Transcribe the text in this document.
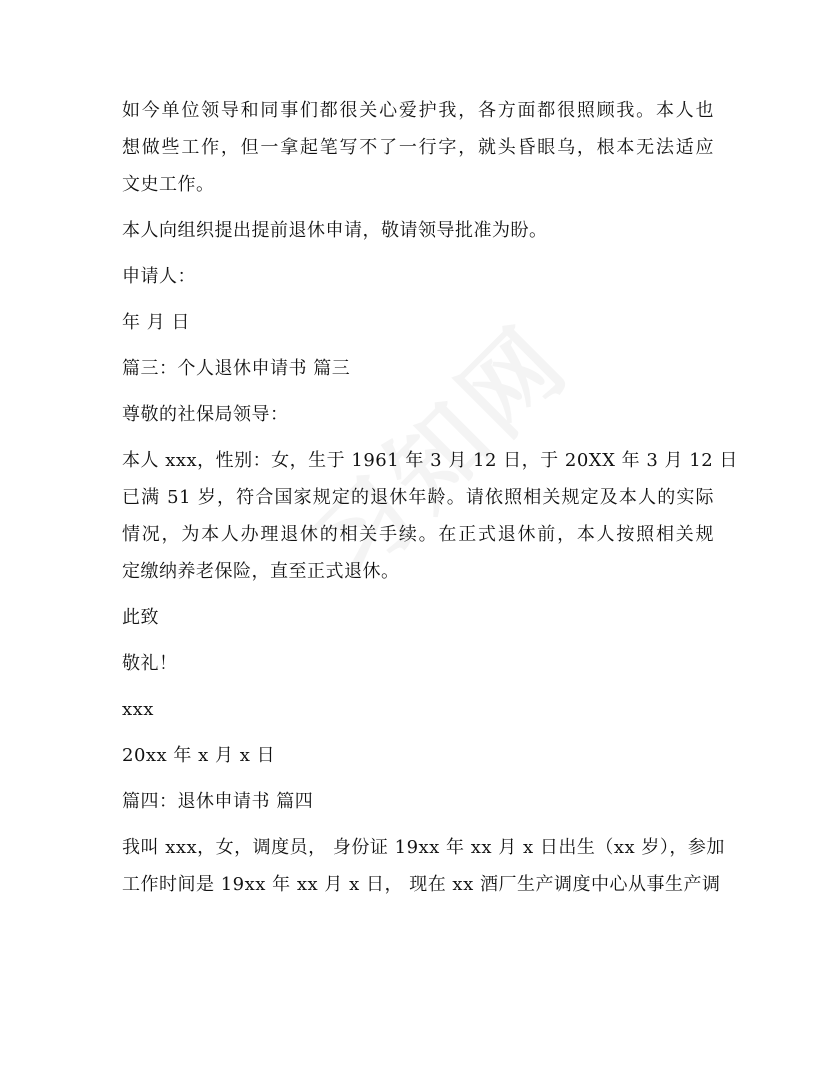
如今单位领导和同事们都很关心爱护我，各方面都很照顾我。本人也
想做些工作，但一拿起笔写不了一行字，就头昏眼乌，根本无法适应
文史工作。

本人向组织提出提前退休申请，敬请领导批准为盼。

申请人：

年 月 日

篇三：个人退休申请书 篇三

尊敬的社保局领导：

本人 xxx，性别：女，生于 1961 年 3 月 12 日，于 20XX 年 3 月 12 日
已满 51 岁，符合国家规定的退休年龄。请依照相关规定及本人的实际
情况，为本人办理退休的相关手续。在正式退休前，本人按照相关规
定缴纳养老保险，直至正式退休。

此致

敬礼！

xxx

20xx 年 x 月 x 日

篇四：退休申请书 篇四

我叫 xxx，女，调度员， 身份证 19xx 年 xx 月 x 日出生（xx 岁），参加
工作时间是 19xx 年 xx 月 x 日， 现在 xx 酒厂生产调度中心从事生产调
